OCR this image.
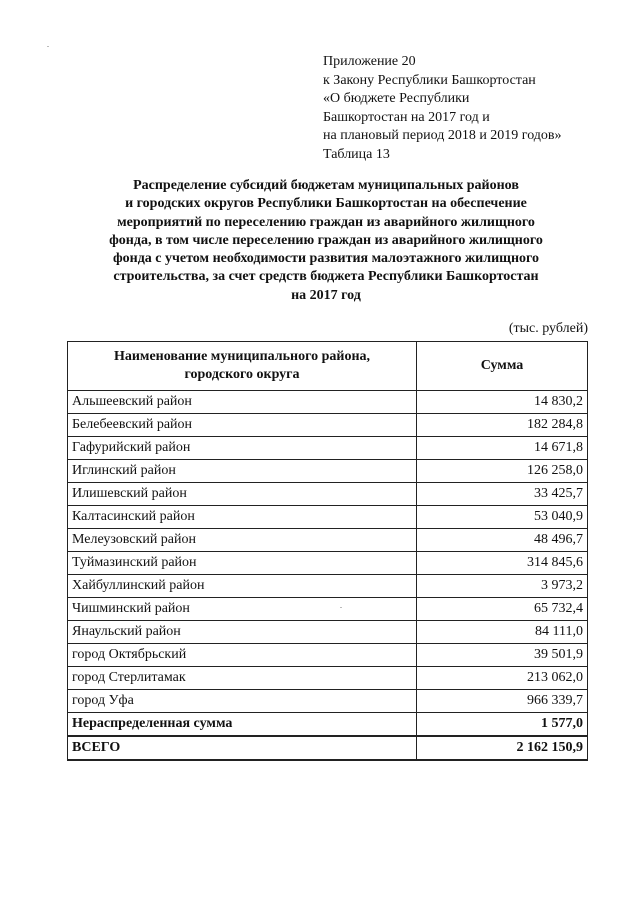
Приложение 20
к Закону Республики Башкортостан
«О бюджете Республики
Башкортостан на 2017 год и
на плановый период 2018 и 2019 годов»
Таблица 13
Распределение субсидий бюджетам муниципальных районов
и городских округов Республики Башкортостан на обеспечение
мероприятий по переселению граждан из аварийного жилищного
фонда, в том числе переселению граждан из аварийного жилищного
фонда с учетом необходимости развития малоэтажного жилищного
строительства, за счет средств бюджета Республики Башкортостан
на 2017 год
(тыс. рублей)
Наименование муниципального района,
городского округа	Сумма
Альшеевский район	14 830,2
Белебеевский район	182 284,8
Гафурийский район	14 671,8
Иглинский район	126 258,0
Илишевский район	33 425,7
Калтасинский район	53 040,9
Мелеузовский район	48 496,7
Туймазинский район	314 845,6
Хайбуллинский район	3 973,2
Чишминский район	65 732,4
Янаульский район	84 111,0
город Октябрьский	39 501,9
город Стерлитамак	213 062,0
город Уфа	966 339,7
Нераспределенная сумма	1 577,0
ВСЕГО	2 162 150,9
